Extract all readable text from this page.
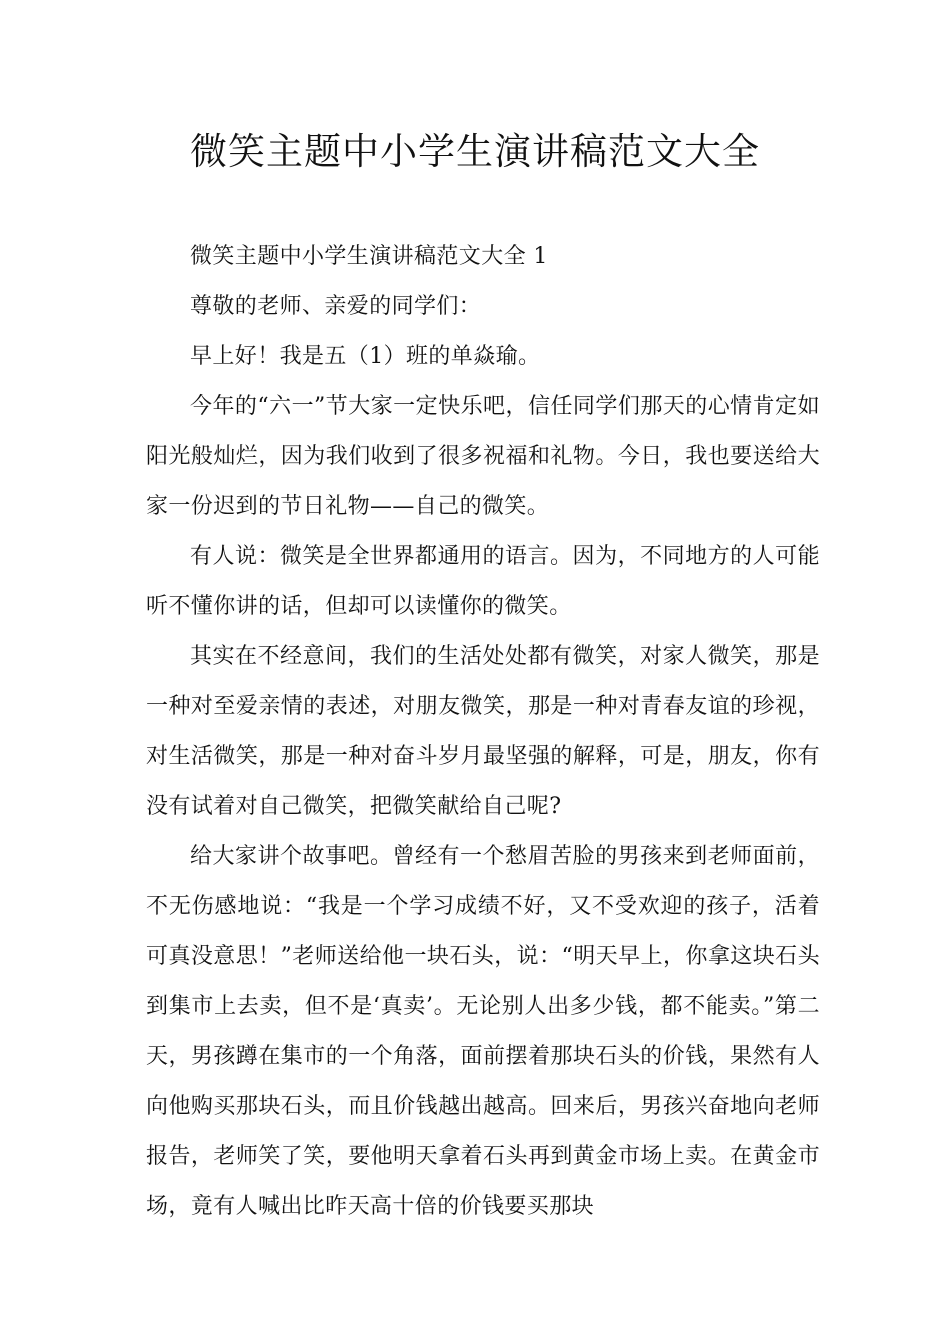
微笑主题中小学生演讲稿范文大全

微笑主题中小学生演讲稿范文大全 1

尊敬的老师、亲爱的同学们：

早上好！我是五（1）班的单焱瑜。

今年的“六一”节大家一定快乐吧，信任同学们那天的心情肯定如阳光般灿烂，因为我们收到了很多祝福和礼物。今日，我也要送给大家一份迟到的节日礼物——自己的微笑。

有人说：微笑是全世界都通用的语言。因为，不同地方的人可能听不懂你讲的话，但却可以读懂你的微笑。

其实在不经意间，我们的生活处处都有微笑，对家人微笑，那是一种对至爱亲情的表述，对朋友微笑，那是一种对青春友谊的珍视，对生活微笑，那是一种对奋斗岁月最坚强的解释，可是，朋友，你有没有试着对自己微笑，把微笑献给自己呢?

给大家讲个故事吧。曾经有一个愁眉苦脸的男孩来到老师面前，不无伤感地说：“我是一个学习成绩不好，又不受欢迎的孩子，活着可真没意思！”老师送给他一块石头，说：“明天早上，你拿这块石头到集市上去卖，但不是‘真卖’。无论别人出多少钱，都不能卖。”第二天，男孩蹲在集市的一个角落，面前摆着那块石头的价钱，果然有人向他购买那块石头，而且价钱越出越高。回来后，男孩兴奋地向老师报告，老师笑了笑，要他明天拿着石头再到黄金市场上卖。在黄金市场，竟有人喊出比昨天高十倍的价钱要买那块
